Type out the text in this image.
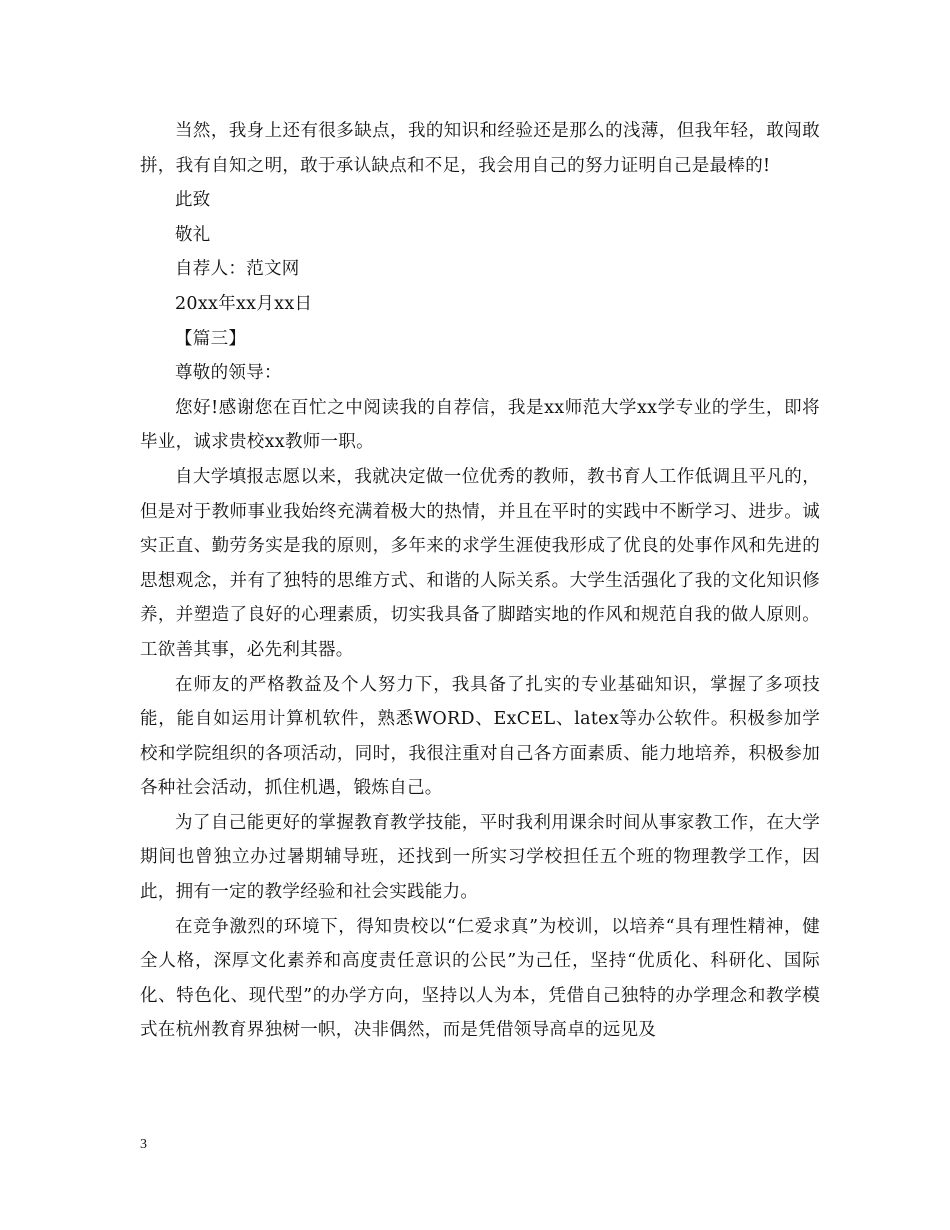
当然，我身上还有很多缺点，我的知识和经验还是那么的浅薄，但我年轻，敢闯敢拼，我有自知之明，敢于承认缺点和不足，我会用自己的努力证明自己是最棒的!

此致

敬礼

自荐人：范文网

20xx年xx月xx日

【篇三】

尊敬的领导：

您好!感谢您在百忙之中阅读我的自荐信，我是xx师范大学xx学专业的学生，即将毕业，诚求贵校xx教师一职。

自大学填报志愿以来，我就决定做一位优秀的教师，教书育人工作低调且平凡的，但是对于教师事业我始终充满着极大的热情，并且在平时的实践中不断学习、进步。诚实正直、勤劳务实是我的原则，多年来的求学生涯使我形成了优良的处事作风和先进的思想观念，并有了独特的思维方式、和谐的人际关系。大学生活强化了我的文化知识修养，并塑造了良好的心理素质，切实我具备了脚踏实地的作风和规范自我的做人原则。工欲善其事，必先利其器。

在师友的严格教益及个人努力下，我具备了扎实的专业基础知识，掌握了多项技能，能自如运用计算机软件，熟悉WORD、ExCEL、latex等办公软件。积极参加学校和学院组织的各项活动，同时，我很注重对自己各方面素质、能力地培养，积极参加各种社会活动，抓住机遇，锻炼自己。

为了自己能更好的掌握教育教学技能，平时我利用课余时间从事家教工作，在大学期间也曾独立办过暑期辅导班，还找到一所实习学校担任五个班的物理教学工作，因此，拥有一定的教学经验和社会实践能力。

在竞争激烈的环境下，得知贵校以“仁爱求真”为校训，以培养“具有理性精神，健全人格，深厚文化素养和高度责任意识的公民”为己任，坚持“优质化、科研化、国际化、特色化、现代型”的办学方向，坚持以人为本，凭借自己独特的办学理念和教学模式在杭州教育界独树一帜，决非偶然，而是凭借领导高卓的远见及

3
